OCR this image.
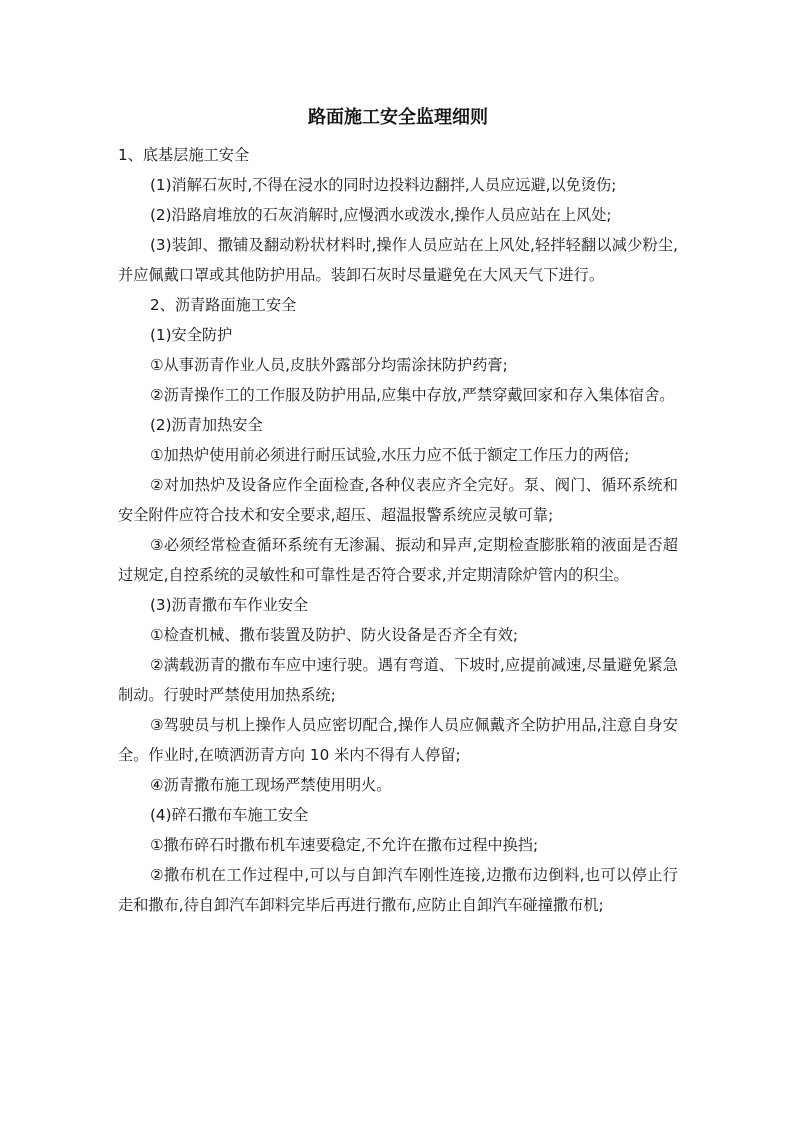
路面施工安全监理细则

1、底基层施工安全

(1)消解石灰时,不得在浸水的同时边投料边翻拌,人员应远避,以免烫伤;

(2)沿路肩堆放的石灰消解时,应慢洒水或泼水,操作人员应站在上风处;

(3)装卸、撒铺及翻动粉状材料时,操作人员应站在上风处,轻拌轻翻以减少粉尘,并应佩戴口罩或其他防护用品。装卸石灰时尽量避免在大风天气下进行。

2、沥青路面施工安全

(1)安全防护

①从事沥青作业人员,皮肤外露部分均需涂抹防护药膏;

②沥青操作工的工作服及防护用品,应集中存放,严禁穿戴回家和存入集体宿舍。

(2)沥青加热安全

①加热炉使用前必须进行耐压试验,水压力应不低于额定工作压力的两倍;

②对加热炉及设备应作全面检查,各种仪表应齐全完好。泵、阀门、循环系统和安全附件应符合技术和安全要求,超压、超温报警系统应灵敏可靠;

③必须经常检查循环系统有无渗漏、振动和异声,定期检查膨胀箱的液面是否超过规定,自控系统的灵敏性和可靠性是否符合要求,并定期清除炉管内的积尘。

(3)沥青撒布车作业安全

①检查机械、撒布装置及防护、防火设备是否齐全有效;

②满载沥青的撒布车应中速行驶。遇有弯道、下坡时,应提前减速,尽量避免紧急制动。行驶时严禁使用加热系统;

③驾驶员与机上操作人员应密切配合,操作人员应佩戴齐全防护用品,注意自身安全。作业时,在喷洒沥青方向 10 米内不得有人停留;

④沥青撒布施工现场严禁使用明火。

(4)碎石撒布车施工安全

①撒布碎石时撒布机车速要稳定,不允许在撒布过程中换挡;

②撒布机在工作过程中,可以与自卸汽车刚性连接,边撒布边倒料,也可以停止行走和撒布,待自卸汽车卸料完毕后再进行撒布,应防止自卸汽车碰撞撒布机;
